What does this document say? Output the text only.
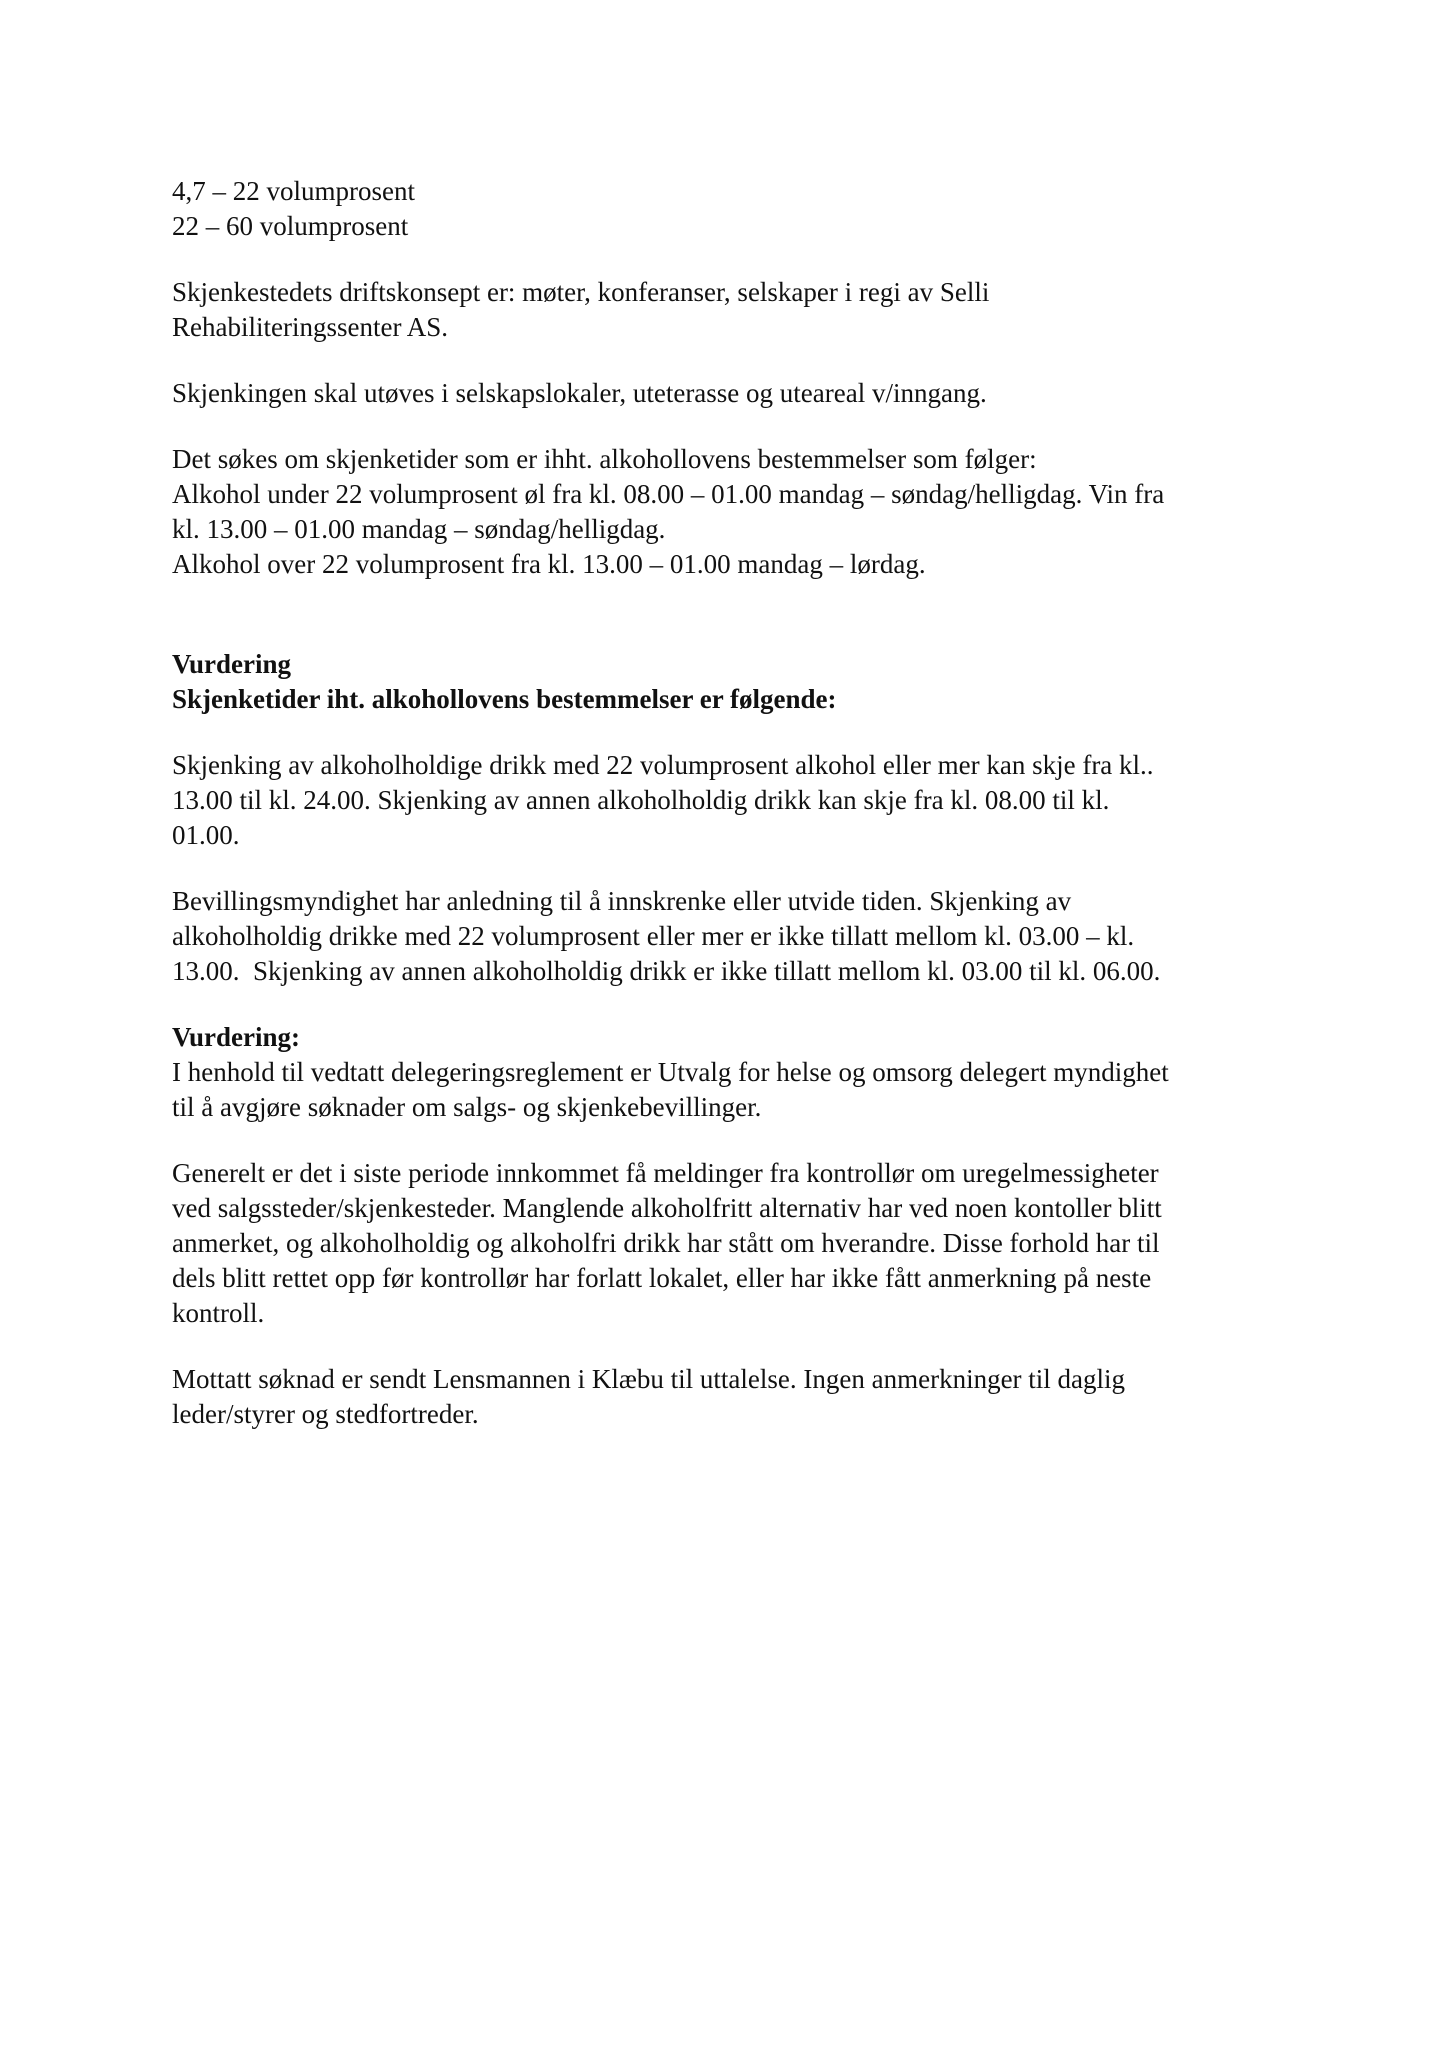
4,7 – 22 volumprosent
22 – 60 volumprosent
Skjenkestedets driftskonsept er: møter, konferanser, selskaper i regi av Selli
Rehabiliteringssenter AS.
Skjenkingen skal utøves i selskapslokaler, uteterasse og uteareal v/inngang.
Det søkes om skjenketider som er ihht. alkohollovens bestemmelser som følger:
Alkohol under 22 volumprosent øl fra kl. 08.00 – 01.00 mandag – søndag/helligdag. Vin fra
kl. 13.00 – 01.00 mandag – søndag/helligdag.
Alkohol over 22 volumprosent fra kl. 13.00 – 01.00 mandag – lørdag.
Vurdering
Skjenketider iht. alkohollovens bestemmelser er følgende:
Skjenking av alkoholholdige drikk med 22 volumprosent alkohol eller mer kan skje fra kl..
13.00 til kl. 24.00. Skjenking av annen alkoholholdig drikk kan skje fra kl. 08.00 til kl.
01.00.
Bevillingsmyndighet har anledning til å innskrenke eller utvide tiden. Skjenking av
alkoholholdig drikke med 22 volumprosent eller mer er ikke tillatt mellom kl. 03.00 – kl.
13.00.  Skjenking av annen alkoholholdig drikk er ikke tillatt mellom kl. 03.00 til kl. 06.00.
Vurdering:
I henhold til vedtatt delegeringsreglement er Utvalg for helse og omsorg delegert myndighet
til å avgjøre søknader om salgs- og skjenkebevillinger.
Generelt er det i siste periode innkommet få meldinger fra kontrollør om uregelmessigheter
ved salgssteder/skjenkesteder. Manglende alkoholfritt alternativ har ved noen kontoller blitt
anmerket, og alkoholholdig og alkoholfri drikk har stått om hverandre. Disse forhold har til
dels blitt rettet opp før kontrollør har forlatt lokalet, eller har ikke fått anmerkning på neste
kontroll.
Mottatt søknad er sendt Lensmannen i Klæbu til uttalelse. Ingen anmerkninger til daglig
leder/styrer og stedfortreder.
